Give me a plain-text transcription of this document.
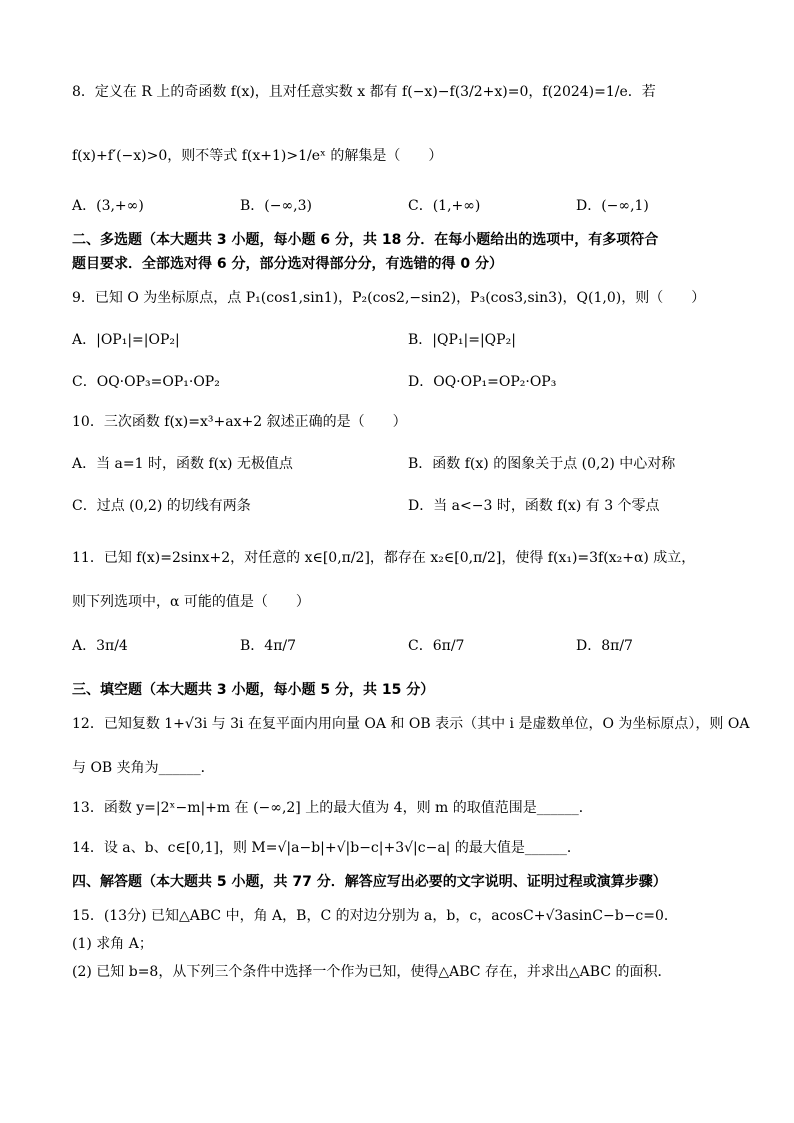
8．定义在 R 上的奇函数 f(x)，且对任意实数 x 都有 f(−x)−f(3/2+x)=0，f(2024)=1/e．若
f(x)+f′(−x)>0，则不等式 f(x+1)>1/eˣ 的解集是（　　）
A．(3,+∞)	B．(−∞,3)	C．(1,+∞)	D．(−∞,1)
二、多选题（本大题共 3 小题，每小题 6 分，共 18 分．在每小题给出的选项中，有多项符合
题目要求．全部选对得 6 分，部分选对得部分分，有选错的得 0 分）
9．已知 O 为坐标原点，点 P₁(cos1,sin1)，P₂(cos2,−sin2)，P₃(cos3,sin3)，Q(1,0)，则（　　）
A．|OP₁|=|OP₂|	B．|QP₁|=|QP₂|
C．OQ·OP₃=OP₁·OP₂	D．OQ·OP₁=OP₂·OP₃
10．三次函数 f(x)=x³+ax+2 叙述正确的是（　　）
A．当 a=1 时，函数 f(x) 无极值点	B．函数 f(x) 的图象关于点 (0,2) 中心对称
C．过点 (0,2) 的切线有两条	D．当 a<−3 时，函数 f(x) 有 3 个零点
11．已知 f(x)=2sinx+2，对任意的 x∈[0,π/2]，都存在 x₂∈[0,π/2]，使得 f(x₁)=3f(x₂+α) 成立，
则下列选项中，α 可能的值是（　　）
A．3π/4	B．4π/7	C．6π/7	D．8π/7
三、填空题（本大题共 3 小题，每小题 5 分，共 15 分）
12．已知复数 1+√3i 与 3i 在复平面内用向量 OA 和 OB 表示（其中 i 是虚数单位，O 为坐标原点），则 OA
与 OB 夹角为______．
13．函数 y=|2ˣ−m|+m 在 (−∞,2] 上的最大值为 4，则 m 的取值范围是______．
14．设 a、b、c∈[0,1]，则 M=√|a−b|+√|b−c|+3√|c−a| 的最大值是______．
四、解答题（本大题共 5 小题，共 77 分．解答应写出必要的文字说明、证明过程或演算步骤）
15．(13分) 已知△ABC 中，角 A，B，C 的对边分别为 a，b，c，acosC+√3asinC−b−c=0．
(1) 求角 A；
(2) 已知 b=8，从下列三个条件中选择一个作为已知，使得△ABC 存在，并求出△ABC 的面积．
